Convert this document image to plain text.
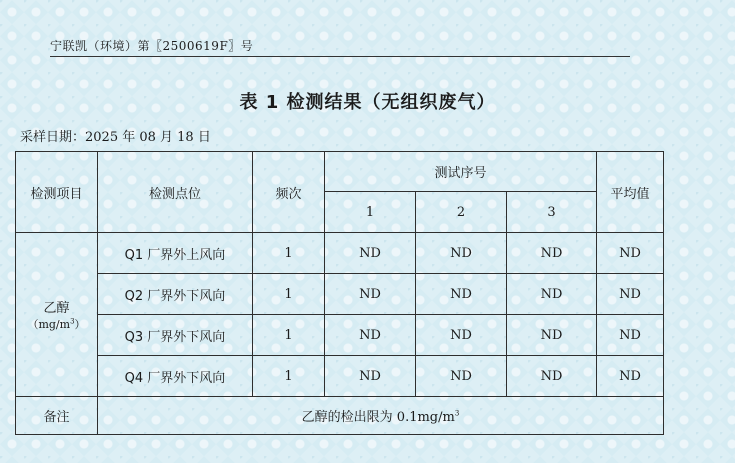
宁联凯（环境）第〖2500619F〗号
表 1 检测结果（无组织废气）
采样日期：2025 年 08 月 18 日
检测项目	检测点位	频次	测试序号			平均值
			1	2	3	

乙醇
$(mg/m^3)$	Q1 厂界外上风向	1	ND	ND	ND	ND
	Q2 厂界外下风向	1	ND	ND	ND	ND
	Q3 厂界外下风向	1	ND	ND	ND	ND
	Q4 厂界外下风向	1	ND	ND	ND	ND
备注	乙醇的检出限为 $0.1mg/m^3$
